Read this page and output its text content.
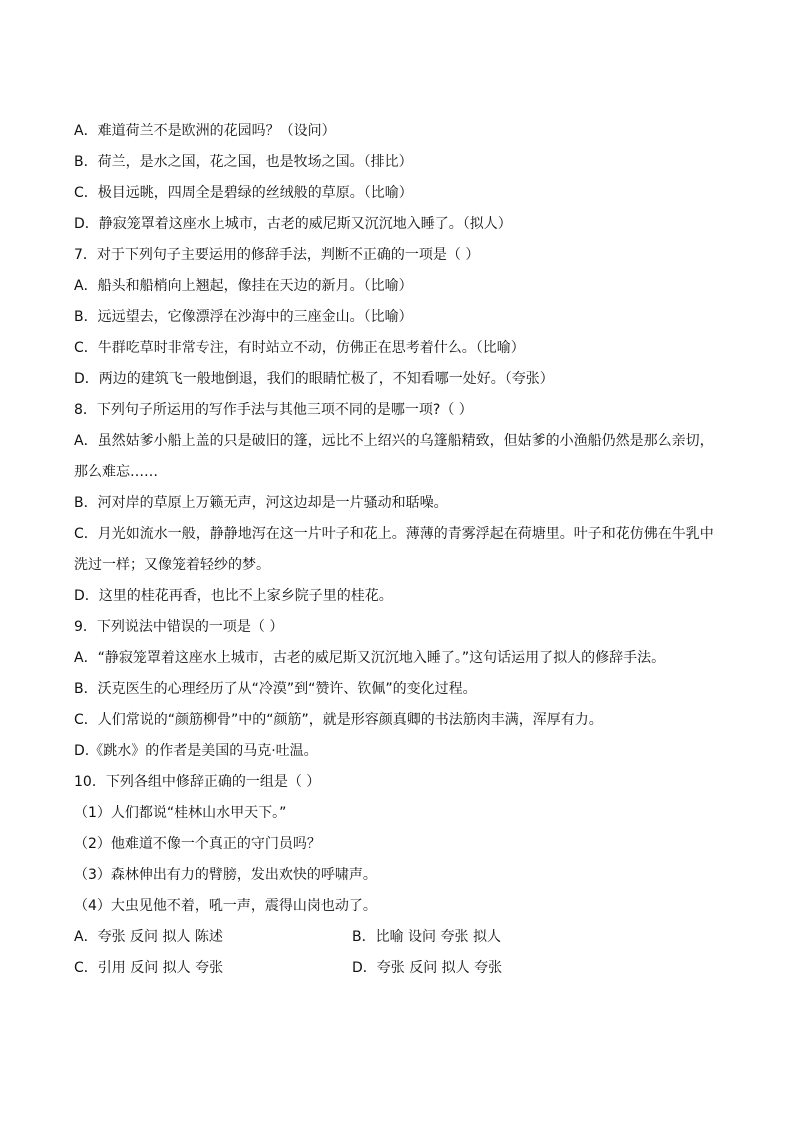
A．难道荷兰不是欧洲的花园吗？（设问）
B．荷兰，是水之国，花之国，也是牧场之国。（排比）
C．极目远眺，四周全是碧绿的丝绒般的草原。（比喻）
D．静寂笼罩着这座水上城市，古老的威尼斯又沉沉地入睡了。（拟人）
7．对于下列句子主要运用的修辞手法，判断不正确的一项是（ ）
A．船头和船梢向上翘起，像挂在天边的新月。（比喻）
B．远远望去，它像漂浮在沙海中的三座金山。（比喻）
C．牛群吃草时非常专注，有时站立不动，仿佛正在思考着什么。（比喻）
D．两边的建筑飞一般地倒退，我们的眼睛忙极了，不知看哪一处好。（夸张）
8．下列句子所运用的写作手法与其他三项不同的是哪一项?（ ）
A．虽然姑爹小船上盖的只是破旧的篷，远比不上绍兴的乌篷船精致，但姑爹的小渔船仍然是那么亲切，
那么难忘……
B．河对岸的草原上万籁无声，河这边却是一片骚动和聒噪。
C．月光如流水一般，静静地泻在这一片叶子和花上。薄薄的青雾浮起在荷塘里。叶子和花仿佛在牛乳中
洗过一样；又像笼着轻纱的梦。
D．这里的桂花再香，也比不上家乡院子里的桂花。
9．下列说法中错误的一项是（ ）
A．“静寂笼罩着这座水上城市，古老的威尼斯又沉沉地入睡了。”这句话运用了拟人的修辞手法。
B．沃克医生的心理经历了从“冷漠”到“赞许、钦佩”的变化过程。
C．人们常说的“颜筋柳骨”中的“颜筋”，就是形容颜真卿的书法筋肉丰满，浑厚有力。
D.《跳水》的作者是美国的马克·吐温。
10．下列各组中修辞正确的一组是（ ）
（1）人们都说“桂林山水甲天下。”
（2）他难道不像一个真正的守门员吗？
（3）森林伸出有力的臂膀，发出欢快的呼啸声。
（4）大虫见他不着，吼一声，震得山岗也动了。
A．夸张 反问 拟人 陈述	B．比喻 设问 夸张 拟人
C．引用 反问 拟人 夸张	D．夸张 反问 拟人 夸张
